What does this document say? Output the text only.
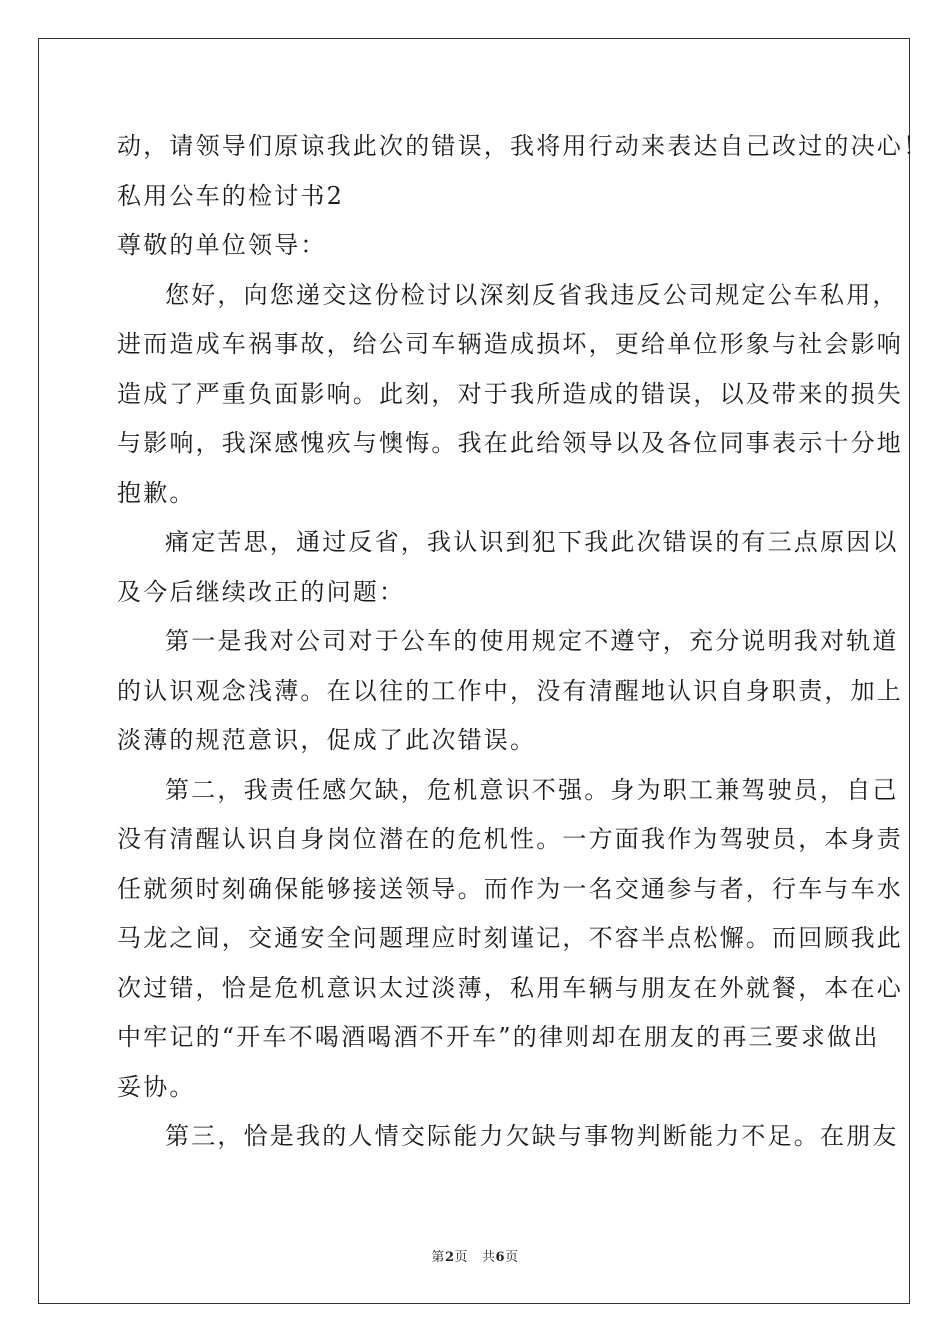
动，请领导们原谅我此次的错误，我将用行动来表达自己改过的决心！
私用公车的检讨书2
尊敬的单位领导：
您好，向您递交这份检讨以深刻反省我违反公司规定公车私用，
进而造成车祸事故，给公司车辆造成损坏，更给单位形象与社会影响
造成了严重负面影响。此刻，对于我所造成的错误，以及带来的损失
与影响，我深感愧疚与懊悔。我在此给领导以及各位同事表示十分地
抱歉。
痛定苦思，通过反省，我认识到犯下我此次错误的有三点原因以
及今后继续改正的问题：
第一是我对公司对于公车的使用规定不遵守，充分说明我对轨道
的认识观念浅薄。在以往的工作中，没有清醒地认识自身职责，加上
淡薄的规范意识，促成了此次错误。
第二，我责任感欠缺，危机意识不强。身为职工兼驾驶员，自己
没有清醒认识自身岗位潜在的危机性。一方面我作为驾驶员，本身责
任就须时刻确保能够接送领导。而作为一名交通参与者，行车与车水
马龙之间，交通安全问题理应时刻谨记，不容半点松懈。而回顾我此
次过错，恰是危机意识太过淡薄，私用车辆与朋友在外就餐，本在心
中牢记的“开车不喝酒喝酒不开车”的律则却在朋友的再三要求做出
妥协。
第三，恰是我的人情交际能力欠缺与事物判断能力不足。在朋友
第2页 共6页
